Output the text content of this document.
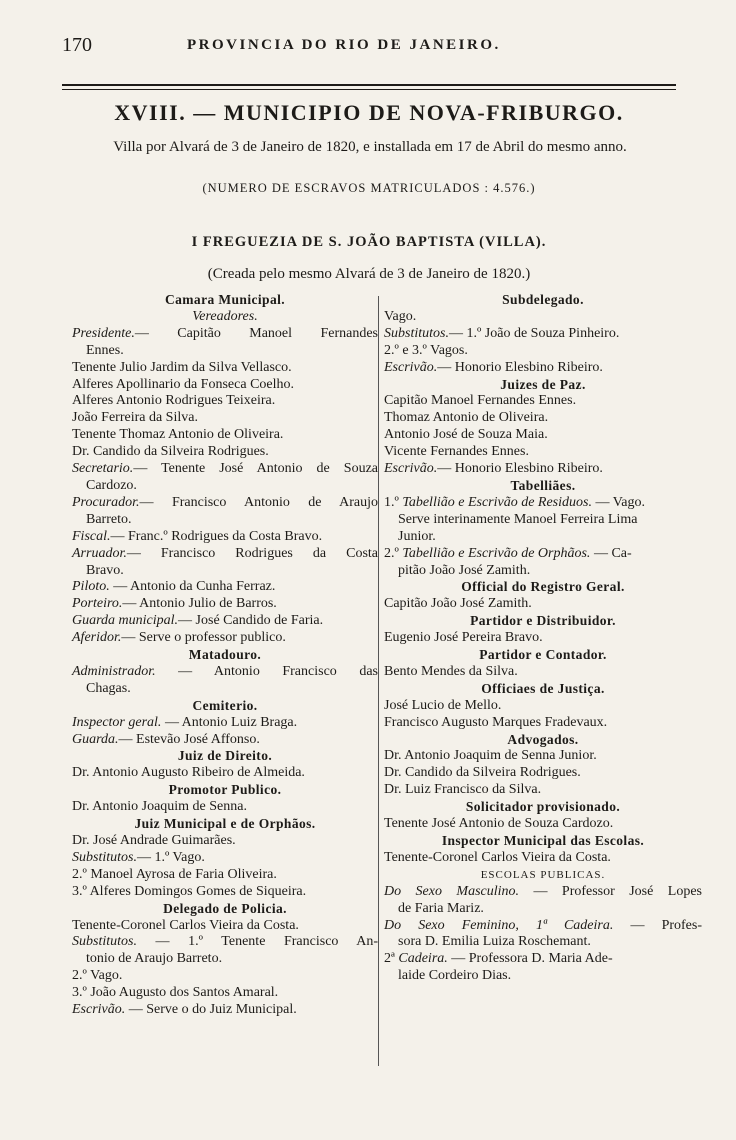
170	PROVINCIA DO RIO DE JANEIRO.
XVIII. — MUNICIPIO DE NOVA-FRIBURGO.
Villa por Alvará de 3 de Janeiro de 1820, e installada em 17 de Abril do mesmo anno.
(NUMERO DE ESCRAVOS MATRICULADOS : 4.576.)
I FREGUEZIA DE S. JOÃO BAPTISTA (VILLA).
(Creada pelo mesmo Alvará de 3 de Janeiro de 1820.)
Camara Municipal.
Vereadores.
Presidente.— Capitão Manoel Fernandes
Ennes.
Tenente Julio Jardim da Silva Vellasco.
Alferes Apollinario da Fonseca Coelho.
Alferes Antonio Rodrigues Teixeira.
João Ferreira da Silva.
Tenente Thomaz Antonio de Oliveira.
Dr. Candido da Silveira Rodrigues.
Secretario.— Tenente José Antonio de Souza
Cardozo.
Procurador.— Francisco Antonio de Araujo
Barreto.
Fiscal.— Franc.º Rodrigues da Costa Bravo.
Arruador.— Francisco Rodrigues da Costa
Bravo.
Piloto. — Antonio da Cunha Ferraz.
Porteiro.— Antonio Julio de Barros.
Guarda municipal.— José Candido de Faria.
Aferidor.— Serve o professor publico.
Matadouro.
Administrador. — Antonio Francisco das
Chagas.
Cemiterio.
Inspector geral. — Antonio Luiz Braga.
Guarda.— Estevão José Affonso.
Juiz de Direito.
Dr. Antonio Augusto Ribeiro de Almeida.
Promotor Publico.
Dr. Antonio Joaquim de Senna.
Juiz Municipal e de Orphãos.
Dr. José Andrade Guimarães.
Substitutos.— 1.º Vago.
2.º Manoel Ayrosa de Faria Oliveira.
3.º Alferes Domingos Gomes de Siqueira.
Delegado de Policia.
Tenente-Coronel Carlos Vieira da Costa.
Substitutos. — 1.º Tenente Francisco An-
tonio de Araujo Barreto.
2.º Vago.
3.º João Augusto dos Santos Amaral.
Escrivão. — Serve o do Juiz Municipal.
Subdelegado.
Vago.
Substitutos.— 1.º João de Souza Pinheiro.
2.º e 3.º Vagos.
Escrivão.— Honorio Elesbino Ribeiro.
Juizes de Paz.
Capitão Manoel Fernandes Ennes.
Thomaz Antonio de Oliveira.
Antonio José de Souza Maia.
Vicente Fernandes Ennes.
Escrivão.— Honorio Elesbino Ribeiro.
Tabelliães.
1.º Tabellião e Escrivão de Residuos. — Vago.
Serve interinamente Manoel Ferreira Lima
Junior.
2.º Tabellião e Escrivão de Orphãos. — Ca-
pitão João José Zamith.
Official do Registro Geral.
Capitão João José Zamith.
Partidor e Distribuidor.
Eugenio José Pereira Bravo.
Partidor e Contador.
Bento Mendes da Silva.
Officiaes de Justiça.
José Lucio de Mello.
Francisco Augusto Marques Fradevaux.
Advogados.
Dr. Antonio Joaquim de Senna Junior.
Dr. Candido da Silveira Rodrigues.
Dr. Luiz Francisco da Silva.
Solicitador provisionado.
Tenente José Antonio de Souza Cardozo.
Inspector Municipal das Escolas.
Tenente-Coronel Carlos Vieira da Costa.
ESCOLAS PUBLICAS.
Do Sexo Masculino. — Professor José Lopes
de Faria Mariz.
Do Sexo Feminino, 1ª Cadeira. — Profes-
sora D. Emilia Luiza Roschemant.
2ª Cadeira. — Professora D. Maria Ade-
laide Cordeiro Dias.
